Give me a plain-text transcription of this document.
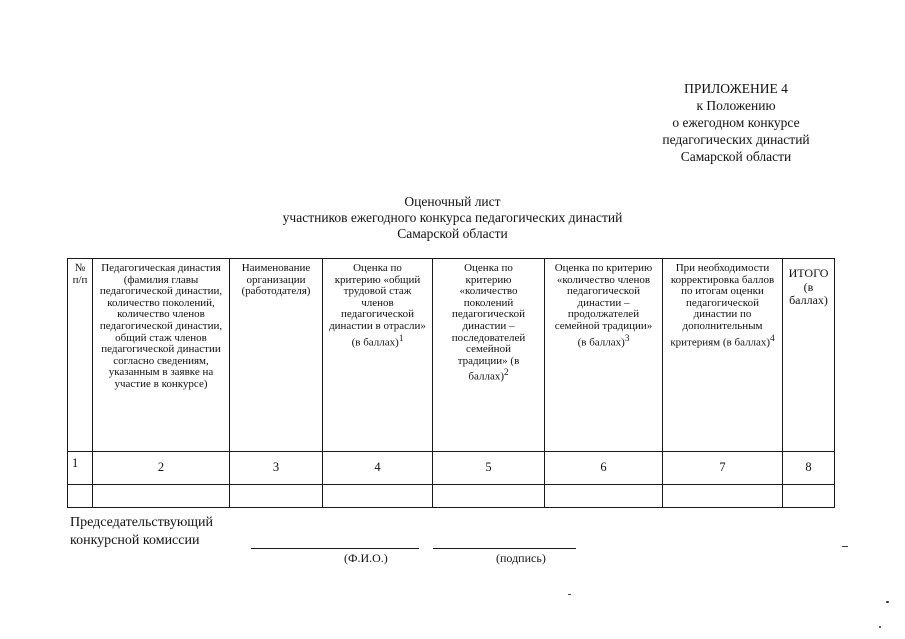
ПРИЛОЖЕНИЕ 4
к Положению
о ежегодном конкурсе
педагогических династий
Самарской области
Оценочный лист
участников ежегодного конкурса педагогических династий
Самарской области
№ п/п	Педагогическая династия (фамилия главы педагогической династии, количество поколений, количество членов педагогической династии, общий стаж членов педагогической династии согласно сведениям, указанным в заявке на участие в конкурсе)	Наименование организации (работодателя)	Оценка по критерию «общий трудовой стаж членов педагогической династии в отрасли» (в баллах)$^1$	Оценка по критерию «количество поколений педагогической династии – последователей семейной традиции» (в баллах)$^2$	Оценка по критерию «количество членов педагогической династии – продолжателей семейной традиции» (в баллах)$^3$	При необходимости корректировка баллов по итогам оценки педагогической династии по дополнительным критериям (в баллах)$^4$	ИТОГО (в баллах)
1	2	3	4	5	6	7	8

Председательствующий
конкурсной комиссии
(Ф.И.О.)	(подпись)
